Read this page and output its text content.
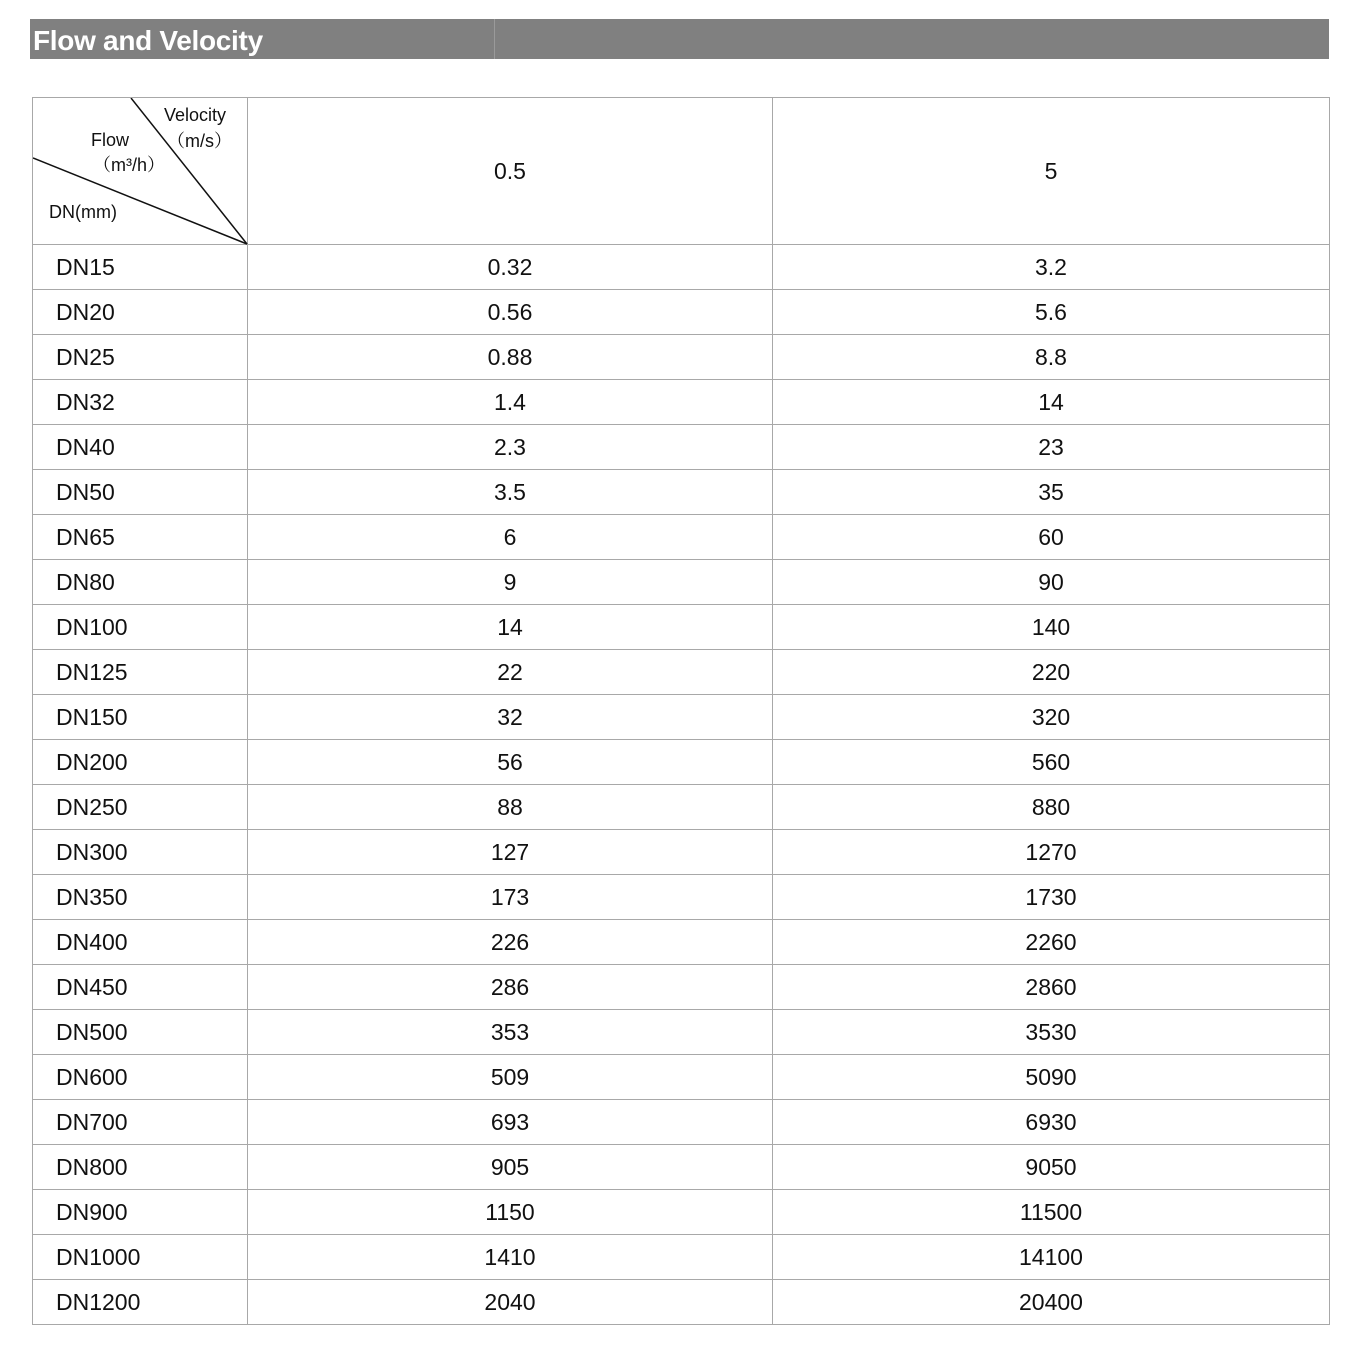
Flow and Velocity
Velocity
（m/s）
Flow
（m³/h）
DN(mm)	0.5	5
DN15	0.32	3.2
DN20	0.56	5.6
DN25	0.88	8.8
DN32	1.4	14
DN40	2.3	23
DN50	3.5	35
DN65	6	60
DN80	9	90
DN100	14	140
DN125	22	220
DN150	32	320
DN200	56	560
DN250	88	880
DN300	127	1270
DN350	173	1730
DN400	226	2260
DN450	286	2860
DN500	353	3530
DN600	509	5090
DN700	693	6930
DN800	905	9050
DN900	1150	11500
DN1000	1410	14100
DN1200	2040	20400
